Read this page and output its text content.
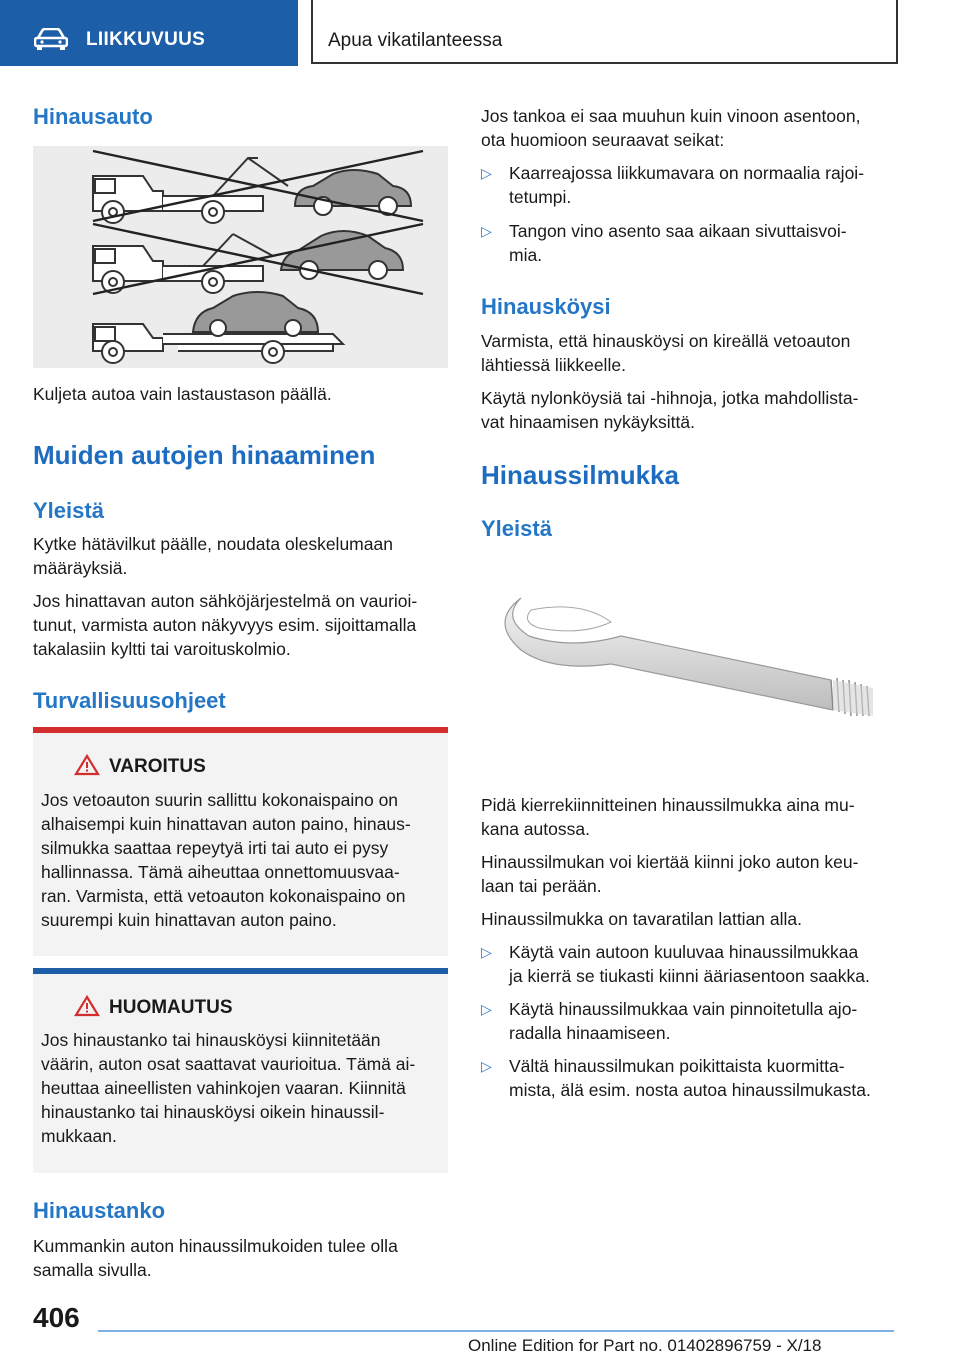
LIIKKUVUUS	Apua vikatilanteessa
Hinausauto

Kuljeta autoa vain lastaustason päällä.

Muiden autojen hinaaminen
Yleistä

Kytke hätävilkut päälle, noudata oleskelumaan

määräyksiä.

Jos hinattavan auton sähköjärjestelmä on vaurioi-

tunut, varmista auton näkyvyys esim. sijoittamalla

takalasiin kyltti tai varoituskolmio.

Turvallisuusohjeet
VAROITUS
Jos vetoauton suurin sallittu kokonaispaino on
alhaisempi kuin hinattavan auton paino, hinaus-
silmukka saattaa repeytyä irti tai auto ei pysy
hallinnassa. Tämä aiheuttaa onnettomuusvaa-
ran. Varmista, että vetoauton kokonaispaino on
suurempi kuin hinattavan auton paino.
HUOMAUTUS
Jos hinaustanko tai hinausköysi kiinnitetään
väärin, auton osat saattavat vaurioitua. Tämä ai-
heuttaa aineellisten vahinkojen vaaran. Kiinnitä
hinaustanko tai hinausköysi oikein hinaussil-
mukkaan.
Hinaustanko

Kummankin auton hinaussilmukoiden tulee olla

samalla sivulla.

Jos tankoa ei saa muuhun kuin vinoon asentoon,

ota huomioon seuraavat seikat:

▷ Kaarreajossa liikkumavara on normaalia rajoi-
tetumpi.
▷ Tangon vino asento saa aikaan sivuttaisvoi-
mia.
Hinausköysi

Varmista, että hinausköysi on kireällä vetoauton

lähtiessä liikkeelle.

Käytä nylonköysiä tai -hihnoja, jotka mahdollista-

vat hinaamisen nykäyksittä.

Hinaussilmukka
Yleistä

Pidä kierrekiinnitteinen hinaussilmukka aina mu-

kana autossa.

Hinaussilmukan voi kiertää kiinni joko auton keu-

laan tai perään.

Hinaussilmukka on tavaratilan lattian alla.

▷ Käytä vain autoon kuuluvaa hinaussilmukkaa
ja kierrä se tiukasti kiinni ääriasentoon saakka.
▷ Käytä hinaussilmukkaa vain pinnoitetulla ajo-
radalla hinaamiseen.
▷ Vältä hinaussilmukan poikittaista kuormitta-
mista, älä esim. nosta autoa hinaussilmukasta.
406
Online Edition for Part no. 01402896759 - X/18
